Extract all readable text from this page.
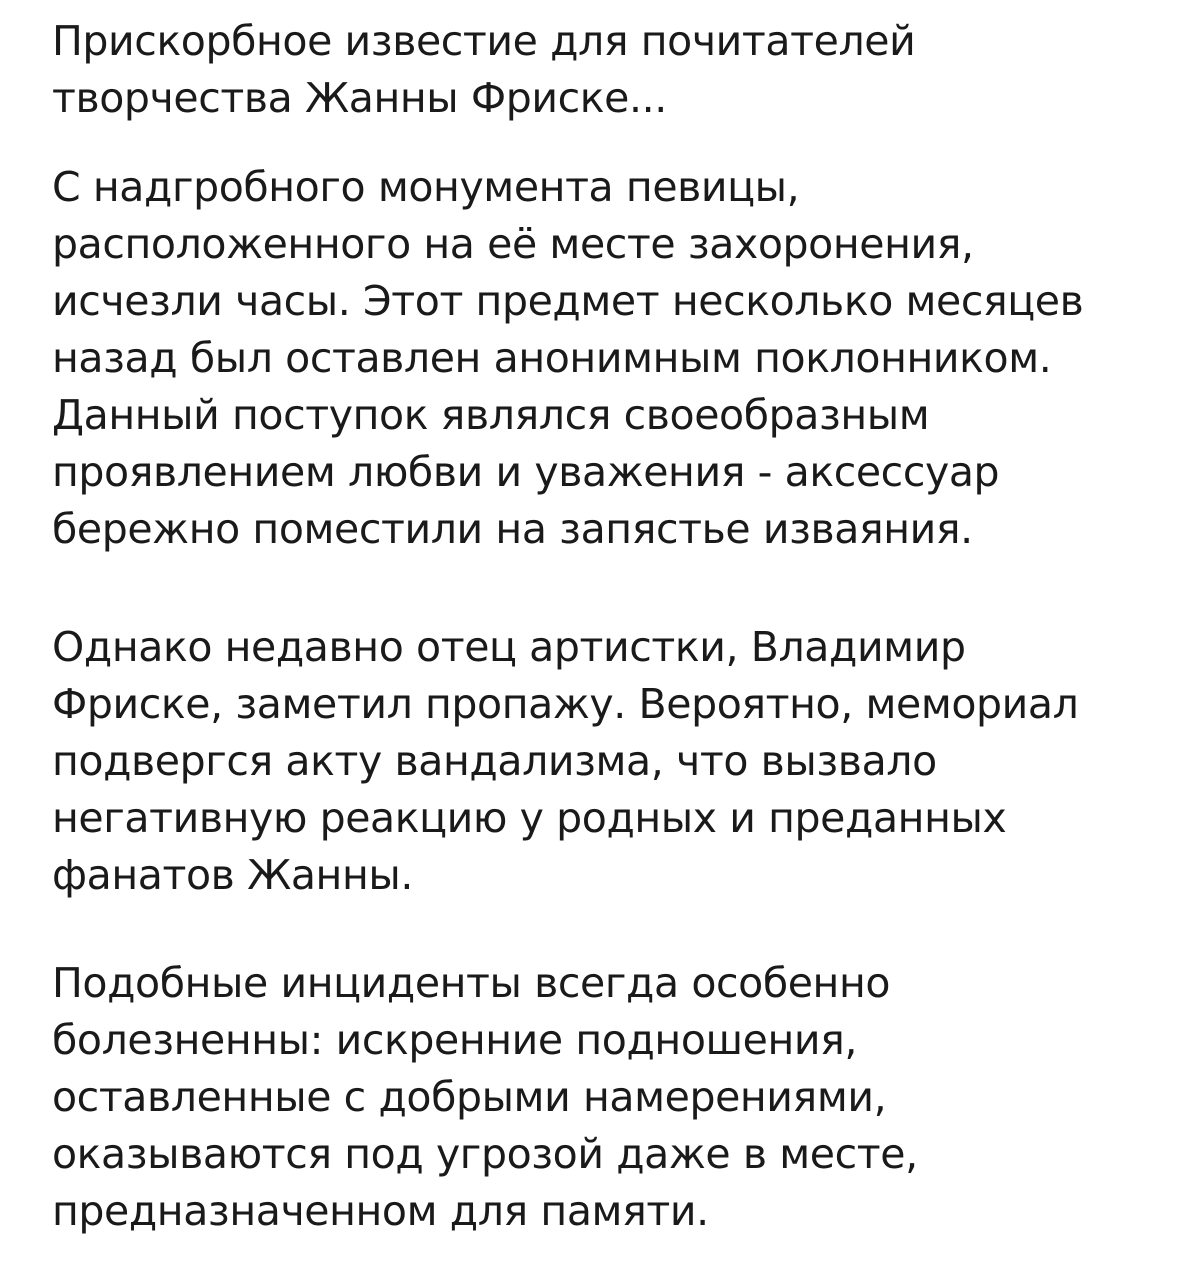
Прискорбное известие для почитателей
творчества Жанны Фриске...

С надгробного монумента певицы,
расположенного на её месте захоронения,
исчезли часы. Этот предмет несколько месяцев
назад был оставлен анонимным поклонником.
Данный поступок являлся своеобразным
проявлением любви и уважения - аксессуар
бережно поместили на запястье изваяния.

Однако недавно отец артистки, Владимир
Фриске, заметил пропажу. Вероятно, мемориал
подвергся акту вандализма, что вызвало
негативную реакцию у родных и преданных
фанатов Жанны.

Подобные инциденты всегда особенно
болезненны: искренние подношения,
оставленные с добрыми намерениями,
оказываются под угрозой даже в месте,
предназначенном для памяти.
